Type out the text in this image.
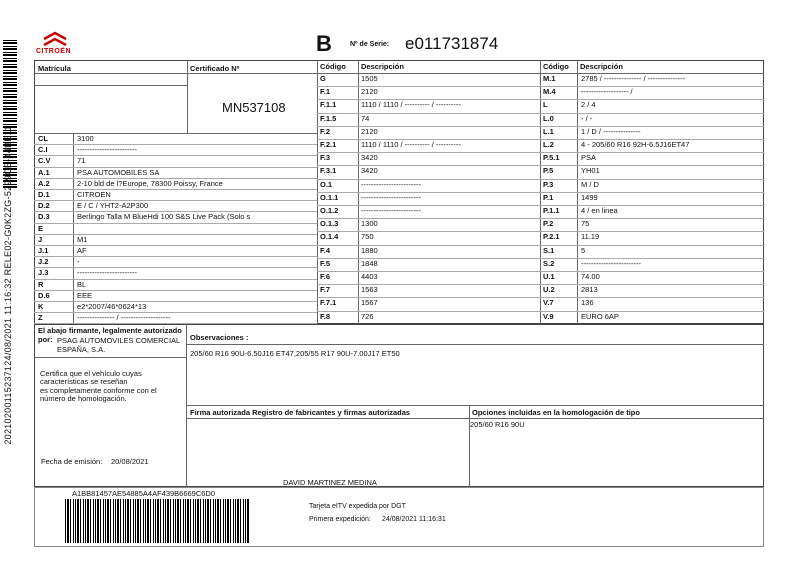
20210200115237124/08/2021 11:16:32 RELE02-G0K2ZG-5299CE-44BE11
CITROËN	B	Nº de Serie: e011731874
Matrícula	Certificado Nº
MN537108
CL	3100
C.I	------------------------
C.V	71
A.1	PSA AUTOMOBILES SA
A.2	2-10 bld de l?Europe, 78300 Poissy, France
D.1	CITROEN
D.2	E / C / YHT2-A2P300
D.3	Berlingo Talla M BlueHdi 100 S&S Live Pack (Solo s
E
J	M1
J.1	AF
J.2	-
J.3	------------------------
R	BL
D.6	EEE
K	e2*2007/46*0624*13
Z	--------------- / --------------------
Código Descripción
G	1505
F.1	2120
F.1.1	1110 / 1110 / ---------- / ----------
F.1.5	74
F.2	2120
F.2.1	1110 / 1110 / ---------- / ----------
F.3	3420
F.3.1	3420
O.1	------------------------
O.1.1	------------------------
O.1.2	------------------------
O.1.3	1300
O.1.4	750
F.4	1880
F.5	1848
F.6	4403
F.7	1563
F.7.1	1567
F.8	726
Código Descripción
M.1	2785 / --------------- / ---------------
M.4	------------------- /
L	2 / 4
L.0	- / -
L.1	1 / D / ---------------
L.2	4 - 205/60 R16 92H-6.5J16ET47
P.5.1	PSA
P.5	YH01
P.3	M / D
P.1	1499
P.1.1	4 / en linea
P.2	75
P.2.1	11.19
S.1	5
S.2	------------------------
U.1	74.00
U.2	2813
V.7	136
V.9	EURO 6AP
El abajo firmante, legalmente autorizado por: PSAG AUTOMOVILES COMERCIAL ESPAÑA, S.A.
Certifica que el vehículo cuyas
características se reseñan
es completamente conforme con el
número de homologación.
Fecha de emisión: 20/08/2021
Observaciones :
205/60 R16 90U-6.50J16 ET47,205/55 R17 90U-7.00J17 ET50
Firma autorizada Registro de fabricantes y firmas autorizadas
DAVID MARTINEZ MEDINA
Opciones incluidas en la homologación de tipo
205/60 R16 90U
A1BB81457AE54885A4AF439B6669C6D0
Tarjeta eITV expedida por DGT
Primera expedición: 24/08/2021 11:16:31
